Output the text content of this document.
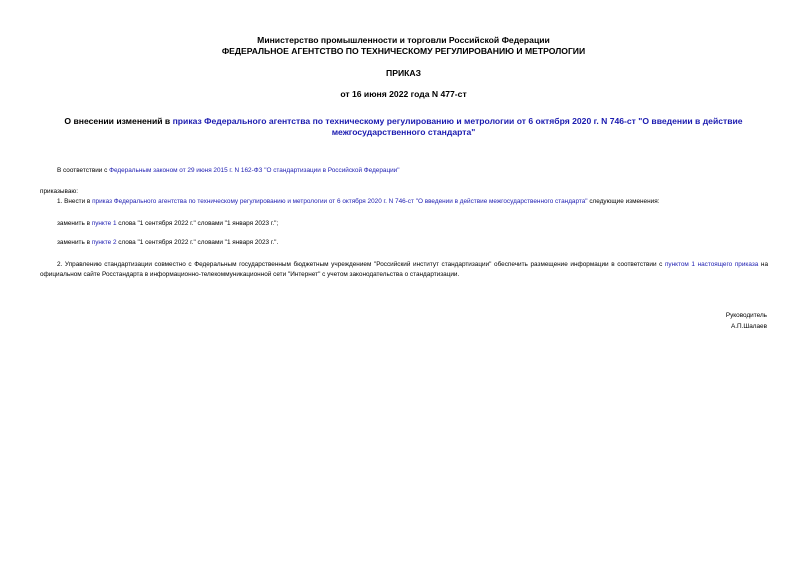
Министерство промышленности и торговли Российской Федерации
ФЕДЕРАЛЬНОЕ АГЕНТСТВО ПО ТЕХНИЧЕСКОМУ РЕГУЛИРОВАНИЮ И МЕТРОЛОГИИ
ПРИКАЗ
от 16 июня 2022 года N 477-ст
О внесении изменений в приказ Федерального агентства по техническому регулированию и метрологии от 6 октября 2020 г. N 746-ст "О введении в действие межгосударственного стандарта"
В соответствии с Федеральным законом от 29 июня 2015 г. N 162-ФЗ "О стандартизации в Российской Федерации"
приказываю:
1. Внести в приказ Федерального агентства по техническому регулированию и метрологии от 6 октября 2020 г. N 746-ст "О введении в действие межгосударственного стандарта" следующие изменения:
заменить в пункте 1 слова "1 сентября 2022 г." словами "1 января 2023 г.";
заменить в пункте 2 слова "1 сентября 2022 г." словами "1 января 2023 г.".
2. Управлению стандартизации совместно с Федеральным государственным бюджетным учреждением "Российский институт стандартизации" обеспечить размещение информации в соответствии с пунктом 1 настоящего приказа на официальном сайте Росстандарта в информационно-телекоммуникационной сети "Интернет" с учетом законодательства о стандартизации.
Руководитель
А.П.Шалаев
